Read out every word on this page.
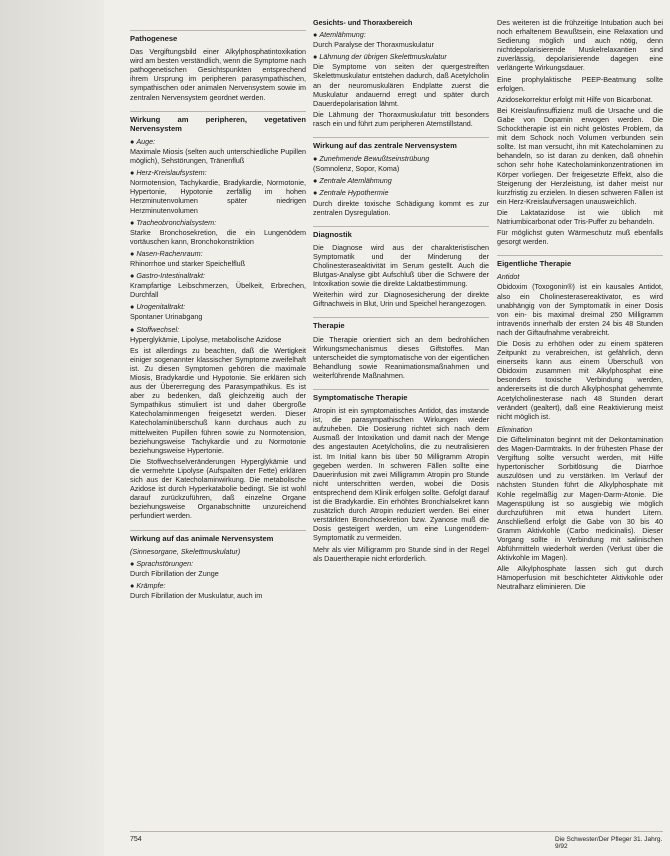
Pathogenese
Das Vergiftungsbild einer Alkylphosphatintoxikation wird am besten verständlich, wenn die Symptome nach pathogenetischen Gesichtspunkten entsprechend ihrem Ursprung im peripheren parasympathischen, sympathischen oder animalen Nervensystem sowie im zentralen Nervensystem geordnet werden.
Wirkung am peripheren, vegetativen Nervensystem
● Auge:
Maximale Miosis (selten auch unterschiedliche Pupillen möglich), Sehstörungen, Tränenfluß
● Herz-Kreislaufsystem:
Normotension, Tachykardie, Bradykardie, Normotonie, Hypertonie, Hypotonie zerfällig im hohen Herzminutenvolumen später niedrigen Herzminutenvolumen
● Tracheobronchialsystem:
Starke Bronchosekretion, die ein Lungenödem vortäuschen kann, Bronchokonstriktion
● Nasen-Rachenraum:
Rhinorrhoe und starker Speichelfluß
● Gastro-Intestinaltrakt:
Krampfartige Leibschmerzen, Übelkeit, Erbrechen, Durchfall
● Urogenitaltrakt:
Spontaner Urinabgang
● Stoffwechsel:
Hyperglykämie, Lipolyse, metabolische Azidose
Es ist allerdings zu beachten, daß die Wertigkeit einiger sogenannter klassischer Symptome zweifelhaft ist. Zu diesen Symptomen gehören die maximale Miosis, Bradykardie und Hypotonie. Sie erklären sich aus der Übererregung des Parasympathikus. Es ist aber zu bedenken, daß gleichzeitig auch der Sympathikus stimuliert ist und daher übergroße Katecholaminmengen freigesetzt werden. Dieser Katecholaminüberschuß kann durchaus auch zu mittelweiten Pupillen führen sowie zu Normotension, beziehungsweise Tachykardie und zu Normotonie beziehungsweise Hypertonie.
Die Stoffwechselveränderungen Hyperglykämie und die vermehrte Lipolyse (Aufspalten der Fette) erklären sich aus der Katecholaminwirkung. Die metabolische Azidose ist durch Hyperkatabolie bedingt. Sie ist wohl darauf zurückzuführen, daß einzelne Organe beziehungsweise Organabschnitte unzureichend perfundiert werden.
Wirkung auf das animale Nervensystem
(Sinnesorgane, Skelettmuskulatur)
● Sprachstörungen:
Durch Fibrillation der Zunge
● Krämpfe:
Durch Fibrillation der Muskulatur, auch im
Gesichts- und Thoraxbereich
● Atemlähmung:
Durch Paralyse der Thoraxmuskulatur
● Lähmung der übrigen Skelettmuskulatur
Die Symptome von seiten der quergestreiften Skelettmuskulatur entstehen dadurch, daß Acetylcholin an der neuromuskulären Endplatte zuerst die Muskulatur andauernd erregt und später durch Dauerdepolarisation lähmt.
Die Lähmung der Thoraxmuskulatur tritt besonders rasch ein und führt zum peripheren Atemstillstand.
Wirkung auf das zentrale Nervensystem
● Zunehmende Bewußtseinstrübung
(Somnolenz, Sopor, Koma)
● Zentrale Atemlähmung
● Zentrale Hypothermie
Durch direkte toxische Schädigung kommt es zur zentralen Dysregulation.
Diagnostik
Die Diagnose wird aus der charakteristischen Symptomatik und der Minderung der Cholinesteraseaktivität im Serum gestellt. Auch die Blutgas-Analyse gibt Aufschluß über die Schwere der Intoxikation sowie die direkte Laktatbestimmung.
Weiterhin wird zur Diagnosesicherung der direkte Giftnachweis in Blut, Urin und Speichel herangezogen.
Therapie
Die Therapie orientiert sich an dem bedrohlichen Wirkungsmechanismus dieses Giftstoffes. Man unterscheidet die symptomatische von der eigentlichen Behandlung sowie Reanimationsmaßnahmen und weiterführende Maßnahmen.
Symptomatische Therapie
Atropin ist ein symptomatisches Antidot, das imstande ist, die parasympathischen Wirkungen wieder aufzuheben. Die Dosierung richtet sich nach dem Ausmaß der Intoxikation und damit nach der Menge des angestauten Acetylcholins, die zu neutralisieren ist. Im Initial kann bis über 50 Milligramm Atropin gegeben werden. In schweren Fällen sollte eine Dauerinfusion mit zwei Milligramm Atropin pro Stunde nicht unterschritten werden, wobei die Dosis entsprechend dem Klinik erfolgen sollte. Gefolgt darauf ist die Bradykardie. Ein erhöhtes Bronchialsekret kann zusätzlich durch Atropin reduziert werden. Bei einer verstärkten Bronchosekretion bzw. Zyanose muß die Dosis gesteigert werden, um eine Lungenödem-Symptomatik zu vermeiden.
Mehr als vier Milligramm pro Stunde sind in der Regel als Dauertherapie nicht erforderlich.
Des weiteren ist die frühzeitige Intubation auch bei noch erhaltenem Bewußtsein, eine Relaxation und Sedierung möglich und auch nötig, denn nichtdepolarisierende Muskelrelaxantien sind zuverlässig, depolarisierende dagegen eine verlängerte Wirkungsdauer.
Eine prophylaktische PEEP-Beatmung sollte erfolgen.
Azidosekorrektur erfolgt mit Hilfe von Bicarbonat.
Bei Kreislaufinsuffizienz muß die Ursache und die Gabe von Dopamin erwogen werden. Die Schocktherapie ist ein nicht gelöstes Problem, da mit dem Schock noch Volumen verbunden sein sollte. Ist man versucht, ihn mit Katecholaminen zu behandeln, so ist daran zu denken, daß ohnehin schon sehr hohe Katecholaminkonzentrationen im Körper vorliegen. Der freigesetzte Effekt, also die Steigerung der Herzleistung, ist daher meist nur kurzfristig zu erzielen. In diesen schweren Fällen ist ein Herz-Kreislaufversagen unausweichlich.
Die Laktatazidose ist wie üblich mit Natriumbicarbonat oder Tris-Puffer zu behandeln.
Für möglichst guten Wärmeschutz muß ebenfalls gesorgt werden.
Eigentliche Therapie
Antidot
Obidoxim (Toxogonin®) ist ein kausales Antidot, also ein Cholinesterasereaktivator, es wird unabhängig von der Symptomatik in einer Dosis von ein- bis maximal dreimal 250 Milligramm intravenös innerhalb der ersten 24 bis 48 Stunden nach der Giftaufnahme verabreicht.
Die Dosis zu erhöhen oder zu einem späteren Zeitpunkt zu verabreichen, ist gefährlich, denn einerseits kann aus einem Überschuß von Obidoxim zusammen mit Alkylphosphat eine besonders toxische Verbindung werden, andererseits ist die durch Alkylphosphat gehemmte Acetylcholinesterase nach 48 Stunden derart verändert (gealtert), daß eine Reaktivierung meist nicht möglich ist.
Elimination
Die Gifteliminaton beginnt mit der Dekontamination des Magen-Darmtrakts. In der frühesten Phase der Vergiftung sollte versucht werden, mit Hilfe hypertonischer Sorbitlösung die Diarrhoe auszulösen und zu verstärken. Im Verlauf der nächsten Stunden führt die Alkylphosphate mit Kohle regelmäßig zur Magen-Darm-Atonie. Die Magenspülung ist so ausgiebig wie möglich durchzuführen mit etwa hundert Litern. Anschließend erfolgt die Gabe von 30 bis 40 Gramm Aktivkohle (Carbo medicinalis). Dieser Vorgang sollte in Verbindung mit salinischen Abführmitteln wiederholt werden (Verlust über die Aktivkohle im Magen).
Alle Alkylphosphate lassen sich gut durch Hämoperfusion mit beschichteter Aktivkohle oder Neutralharz eliminieren. Die
754	Die Schwester/Der Pfleger 31. Jahrg. 9/92
